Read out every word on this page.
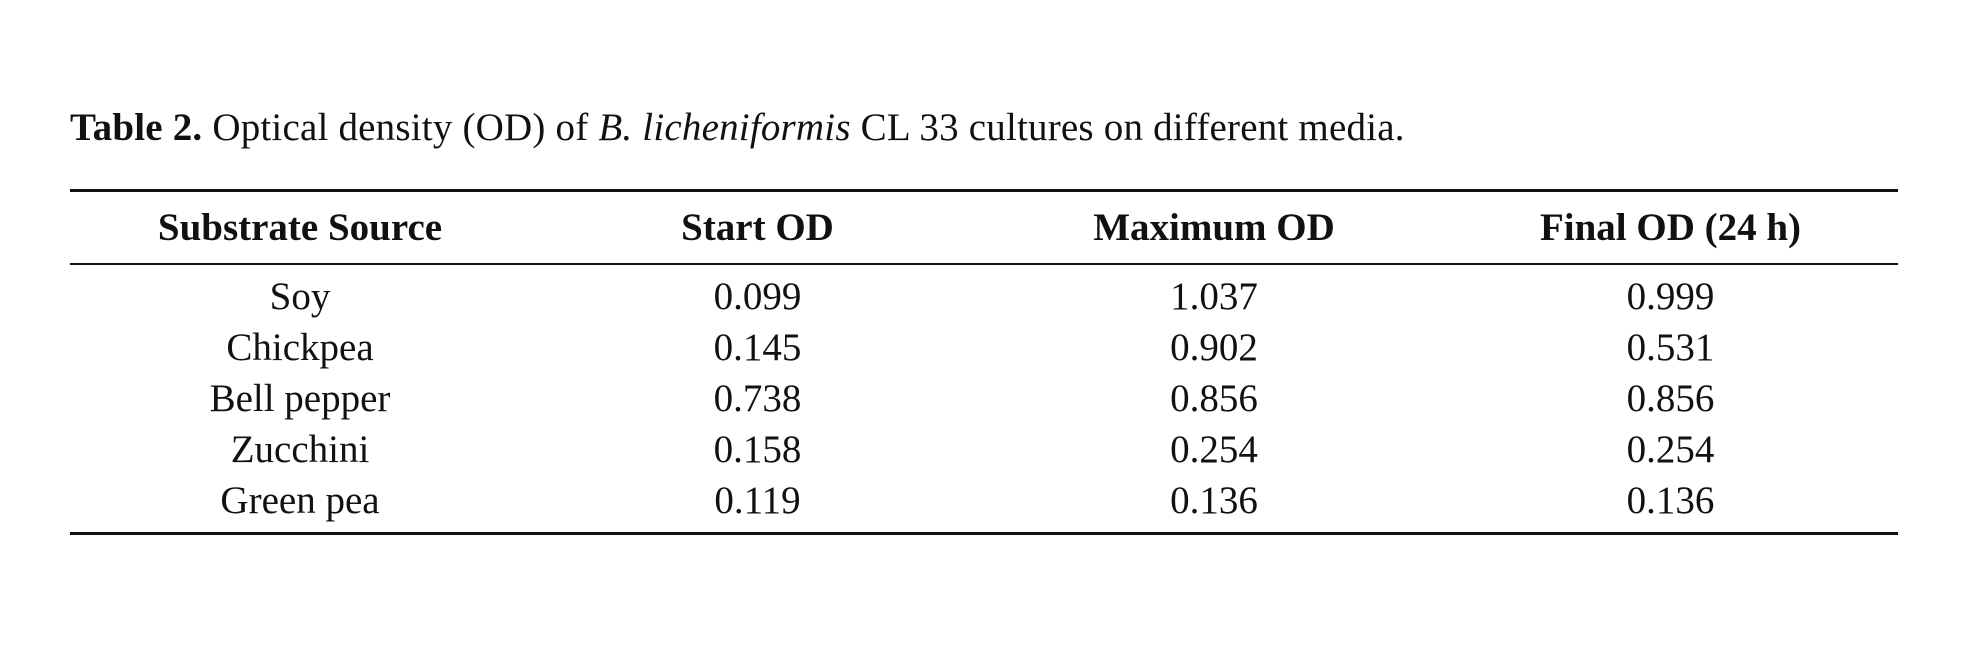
Table 2. Optical density (OD) of B. licheniformis CL 33 cultures on different media.
Substrate Source	Start OD	Maximum OD	Final OD (24 h)
Soy	0.099	1.037	0.999
Chickpea	0.145	0.902	0.531
Bell pepper	0.738	0.856	0.856
Zucchini	0.158	0.254	0.254
Green pea	0.119	0.136	0.136
